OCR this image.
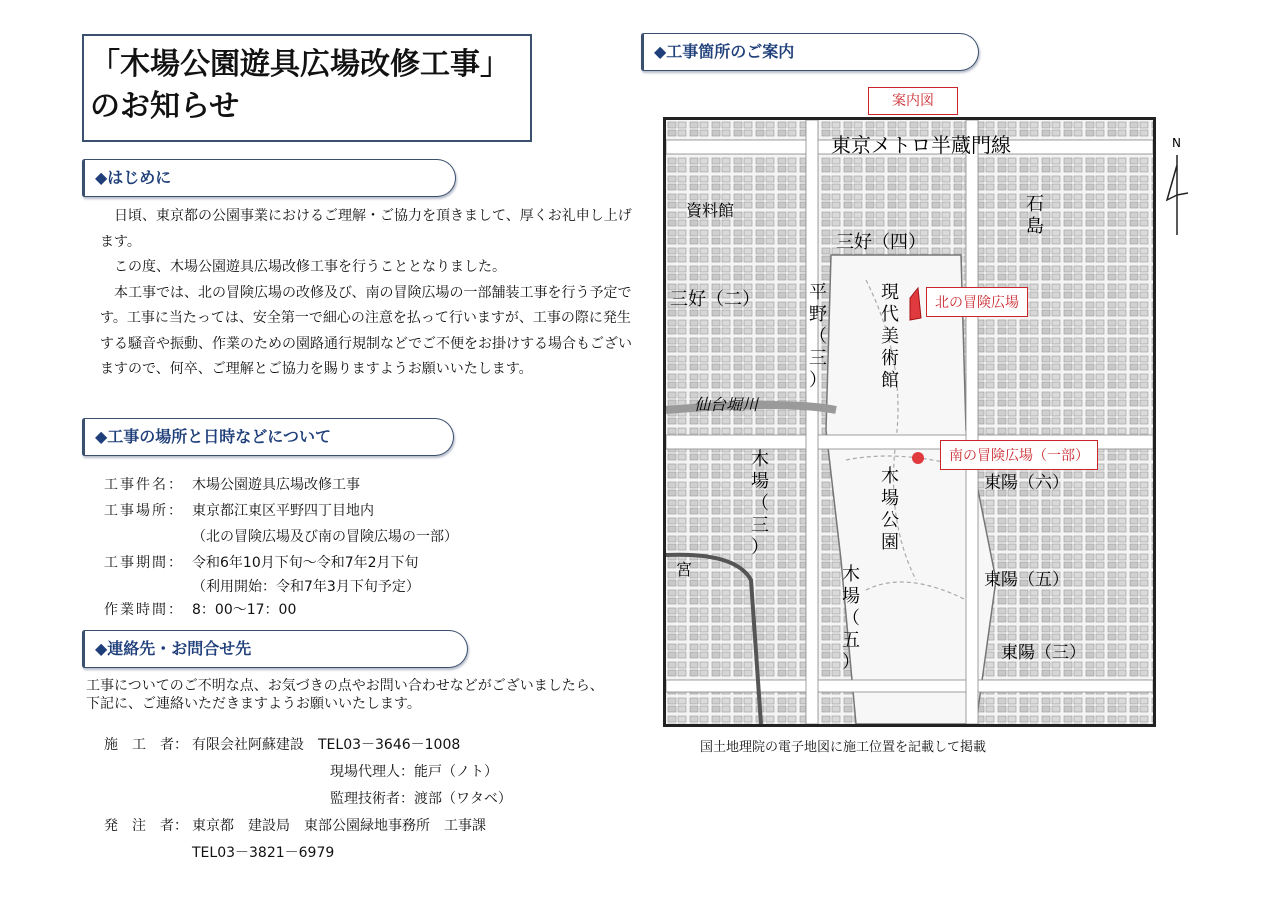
「木場公園遊具広場改修工事」
のお知らせ
◆はじめに
　日頃、東京都の公園事業におけるご理解・ご協力を頂きまして、厚くお礼申し上げます。
　この度、木場公園遊具広場改修工事を行うこととなりました。
　本工事では、北の冒険広場の改修及び、南の冒険広場の一部舗装工事を行う予定です。工事に当たっては、安全第一で細心の注意を払って行いますが、工事の際に発生する騒音や振動、作業のための園路通行規制などでご不便をお掛けする場合もございますので、何卒、ご理解とご協力を賜りますようお願いいたします。
◆工事の場所と日時などについて
工事件名： 木場公園遊具広場改修工事
工事場所： 東京都江東区平野四丁目地内
（北の冒険広場及び南の冒険広場の一部）
工事期間： 令和6年10月下旬～令和7年2月下旬
（利用開始：令和7年3月下旬予定）
作業時間： 8：00～17：00
◆連絡先・お問合せ先
工事についてのご不明な点、お気づきの点やお問い合わせなどがございましたら、
下記に、ご連絡いただきますようお願いいたします。
施　工　者： 有限会社阿蘇建設　TEL03－3646－1008
現場代理人：能戸（ノト）
監理技術者：渡部（ワタベ）
発　注　者： 東京都　建設局　東部公園緑地事務所　工事課
TEL03－3821－6979
◆工事箇所のご案内
案内図
東京メトロ半蔵門線
三好（四）
資料館
三好（二）
仙台堀川
東陽（六）
東陽（五）
東陽（三）
現代美術館
平野（三）
木場公園
木場（三）
木場（五）
石島
宮
北の冒険広場
南の冒険広場（一部）
N
国土地理院の電子地図に施工位置を記載して掲載
